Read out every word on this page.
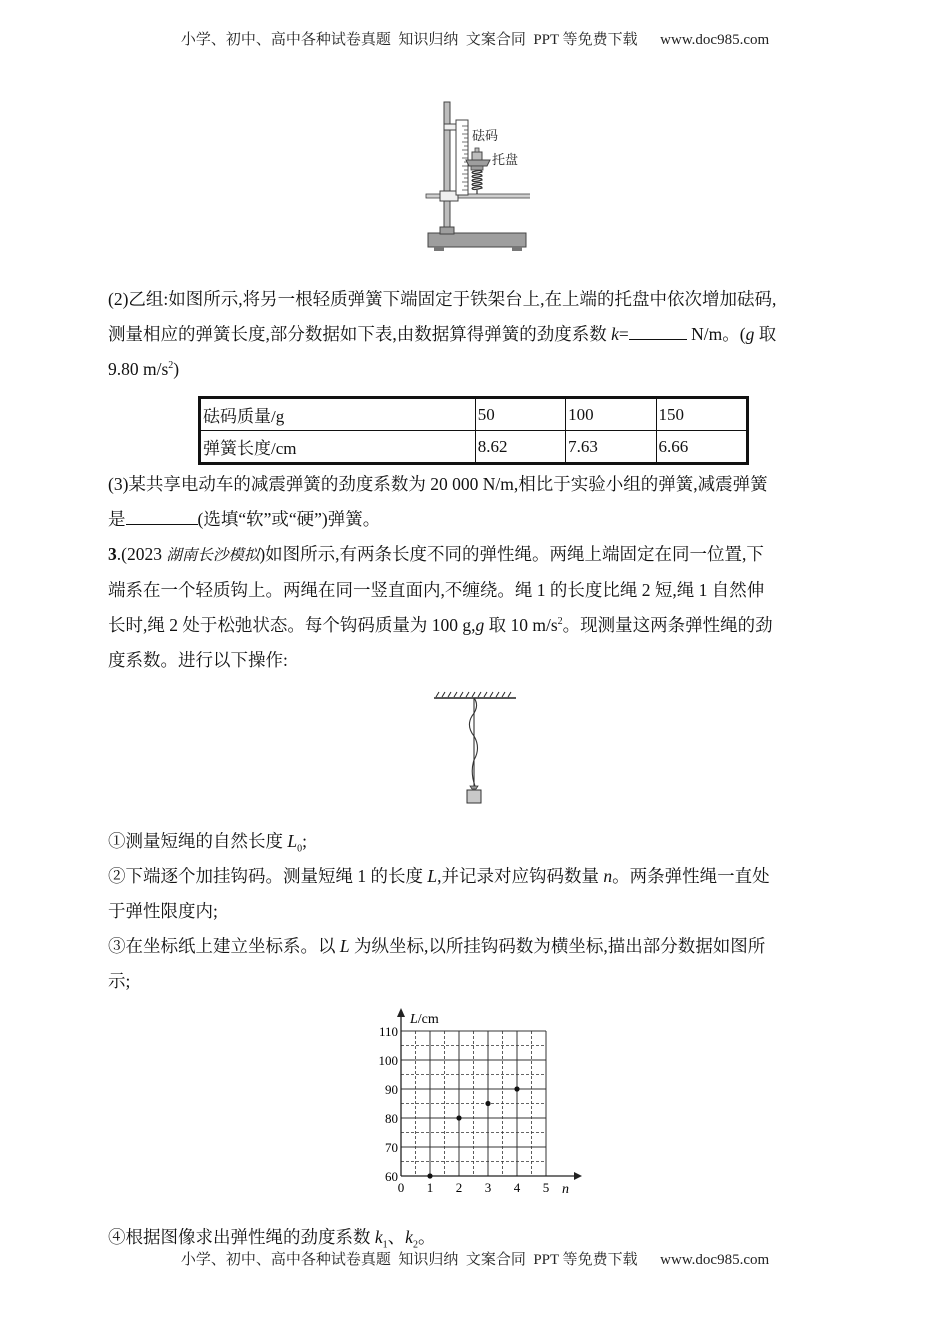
小学、初中、高中各种试卷真题  知识归纳  文案合同  PPT 等免费下载      www.doc985.com
砝码
托盘
(2)乙组:如图所示,将另一根轻质弹簧下端固定于铁架台上,在上端的托盘中依次增加砝码,
测量相应的弹簧长度,部分数据如下表,由数据算得弹簧的劲度系数 k=	N/m。(g 取
9.80 $m/s^2$)
砝码质量/g	50	100	150
弹簧长度/cm	8.62	7.63	6.66
(3)某共享电动车的减震弹簧的劲度系数为 20 000 N/m,相比于实验小组的弹簧,减震弹簧
是	(选填“软”或“硬”)弹簧。
3.(2023 湖南长沙模拟)如图所示,有两条长度不同的弹性绳。两绳上端固定在同一位置,下
端系在一个轻质钩上。两绳在同一竖直面内,不缠绕。绳 1 的长度比绳 2 短,绳 1 自然伸
长时,绳 2 处于松弛状态。每个钩码质量为 100 g,g 取 10 $m/s^2$。现测量这两条弹性绳的劲
度系数。进行以下操作:
①测量短绳的自然长度 $L_0$;
②下端逐个加挂钩码。测量短绳 1 的长度 L,并记录对应钩码数量 n。两条弹性绳一直处
于弹性限度内;
③在坐标纸上建立坐标系。以 L 为纵坐标,以所挂钩码数为横坐标,描出部分数据如图所
示;
60
70
80
90
100
110
0 1 2 3 4 5
L/cm
n
④根据图像求出弹性绳的劲度系数 $k_1$、$k_2$。
小学、初中、高中各种试卷真题  知识归纳  文案合同  PPT 等免费下载      www.doc985.com
